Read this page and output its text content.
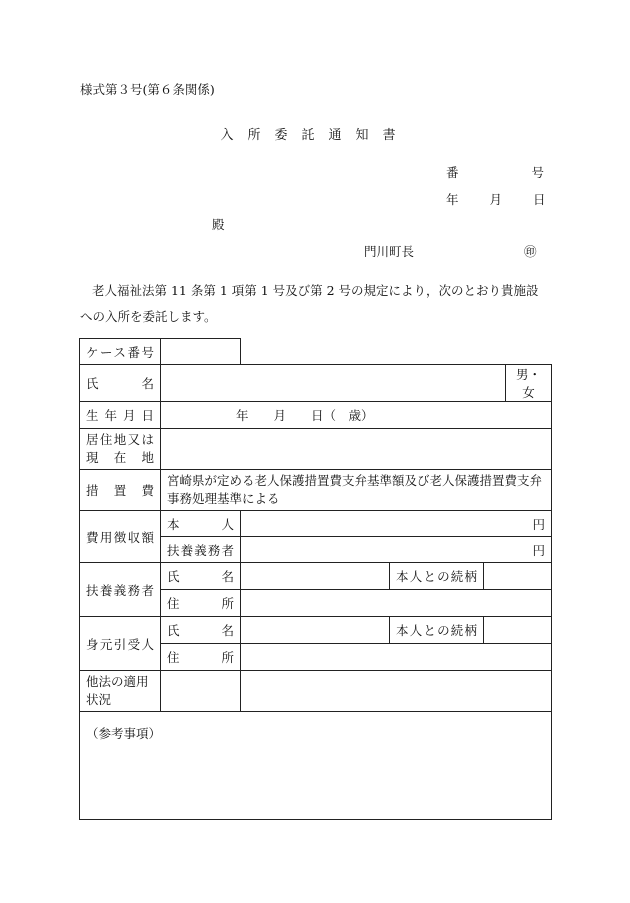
様式第３号(第６条関係)
入所委託通知書
番号
年月日
殿
門川町長	㊞
老人福祉法第 11 条第 1 項第 1 号及び第 2 号の規定により，次のとおり貴施設への入所を委託します。
ケース番号					

氏名					男・女

生年月日	年　　月　　日（　歳）				

居住地又は
現在地					

措置費	宮崎県が定める老人保護措置費支弁基準額及び老人保護措置費支弁事務処理基準による				

費用徴収額	本人	円			

	扶養義務者	円			

扶養義務者	氏名		本人との続柄		

	住所				

身元引受人	氏名		本人との続柄		

	住所				

他法の適用状況					
（参考事項）					
